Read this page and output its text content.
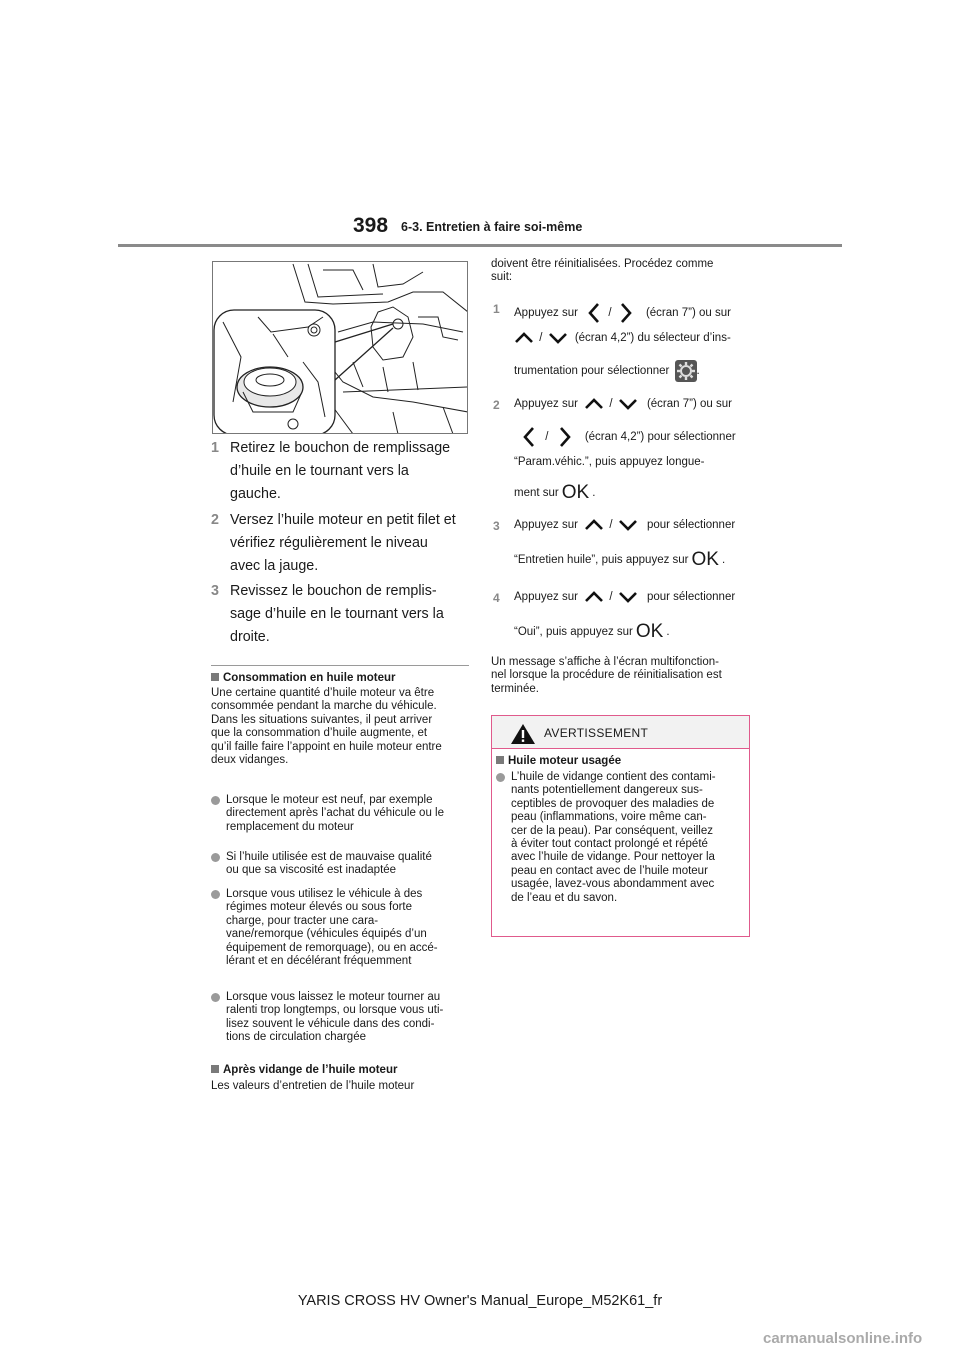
398 6-3. Entretien à faire soi-même
1 Retirez le bouchon de remplissage
d’huile en le tournant vers la
gauche.
2 Versez l’huile moteur en petit filet et
vérifiez régulièrement le niveau
avec la jauge.
3 Revissez le bouchon de remplis-
sage d’huile en le tournant vers la
droite.
Consommation en huile moteur
Une certaine quantité d’huile moteur va être
consommée pendant la marche du véhicule.
Dans les situations suivantes, il peut arriver
que la consommation d’huile augmente, et
qu’il faille faire l’appoint en huile moteur entre
deux vidanges.
Lorsque le moteur est neuf, par exemple
directement après l’achat du véhicule ou le
remplacement du moteur
Si l’huile utilisée est de mauvaise qualité
ou que sa viscosité est inadaptée
Lorsque vous utilisez le véhicule à des
régimes moteur élevés ou sous forte
charge, pour tracter une cara-
vane/remorque (véhicules équipés d’un
équipement de remorquage), ou en accé-
lérant et en décélérant fréquemment
Lorsque vous laissez le moteur tourner au
ralenti trop longtemps, ou lorsque vous uti-
lisez souvent le véhicule dans des condi-
tions de circulation chargée
Après vidange de l’huile moteur
Les valeurs d’entretien de l’huile moteur
doivent être réinitialisées. Procédez comme
suit:
1 Appuyez sur	/	(écran 7”) ou sur
/	(écran 4,2”) du sélecteur d’ins-
trumentation pour sélectionner .
2 Appuyez sur	/	(écran 7”) ou sur
/	(écran 4,2”) pour sélectionner
“Param.véhic.”, puis appuyez longue-
ment sur OK .
3 Appuyez sur	/	pour sélectionner
“Entretien huile”, puis appuyez sur OK .
4 Appuyez sur	/	pour sélectionner
“Oui”, puis appuyez sur OK .
Un message s’affiche à l’écran multifonction-
nel lorsque la procédure de réinitialisation est
terminée.
AVERTISSEMENT
Huile moteur usagée
L’huile de vidange contient des contami-
nants potentiellement dangereux sus-
ceptibles de provoquer des maladies de
peau (inflammations, voire même can-
cer de la peau). Par conséquent, veillez
à éviter tout contact prolongé et répété
avec l’huile de vidange. Pour nettoyer la
peau en contact avec de l’huile moteur
usagée, lavez-vous abondamment avec
de l’eau et du savon.
YARIS CROSS HV Owner's Manual_Europe_M52K61_fr
carmanualsonline.info
